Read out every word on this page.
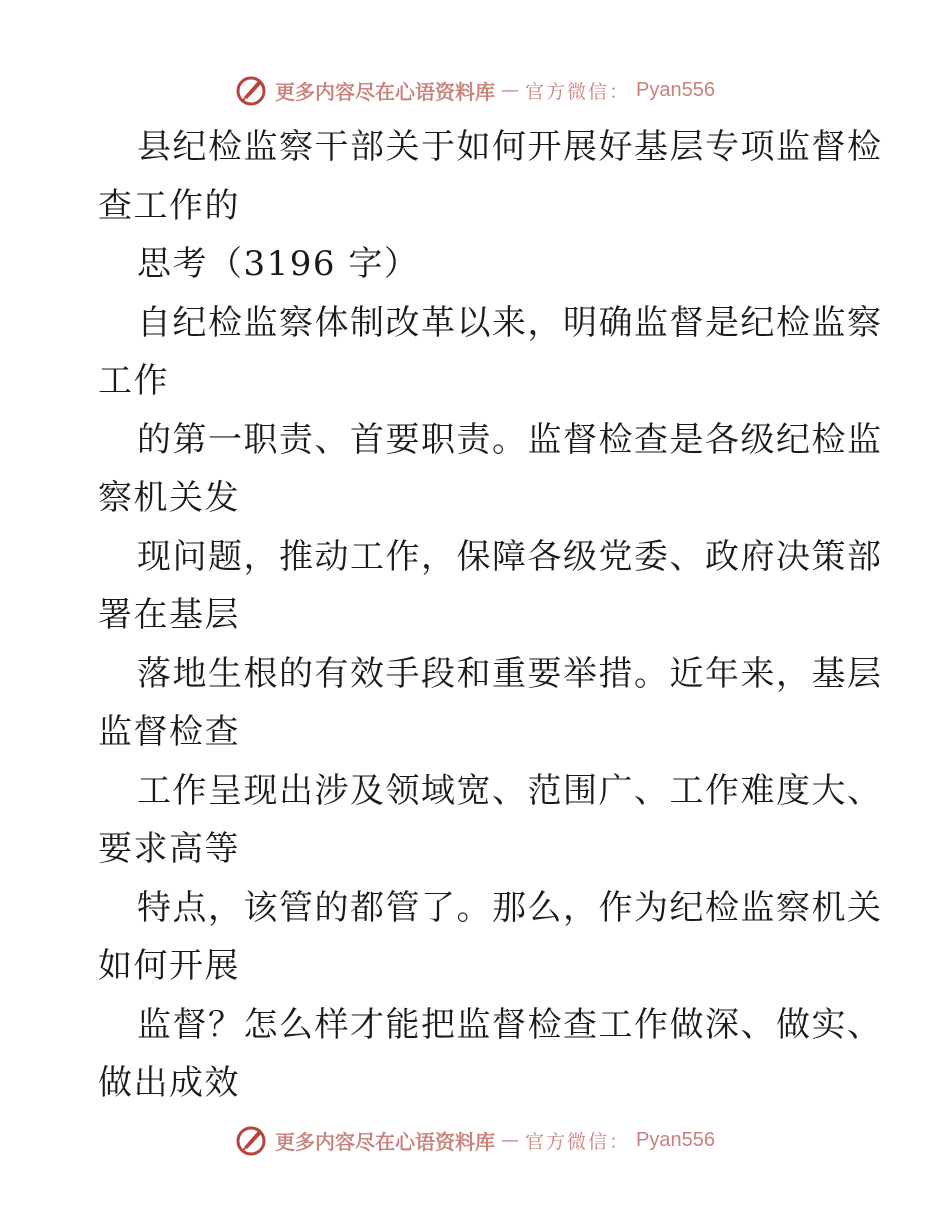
更多内容尽在心语资料库 — 官方微信： Pyan556
县纪检监察干部关于如何开展好基层专项监督检
查工作的
思考（3196 字）
自纪检监察体制改革以来，明确监督是纪检监察
工作
的第一职责、首要职责。监督检查是各级纪检监
察机关发
现问题，推动工作，保障各级党委、政府决策部
署在基层
落地生根的有效手段和重要举措。近年来，基层
监督检查
工作呈现出涉及领域宽、范围广、工作难度大、
要求高等
特点，该管的都管了。那么，作为纪检监察机关
如何开展
监督？怎么样才能把监督检查工作做深、做实、
做出成效
更多内容尽在心语资料库 — 官方微信： Pyan556
